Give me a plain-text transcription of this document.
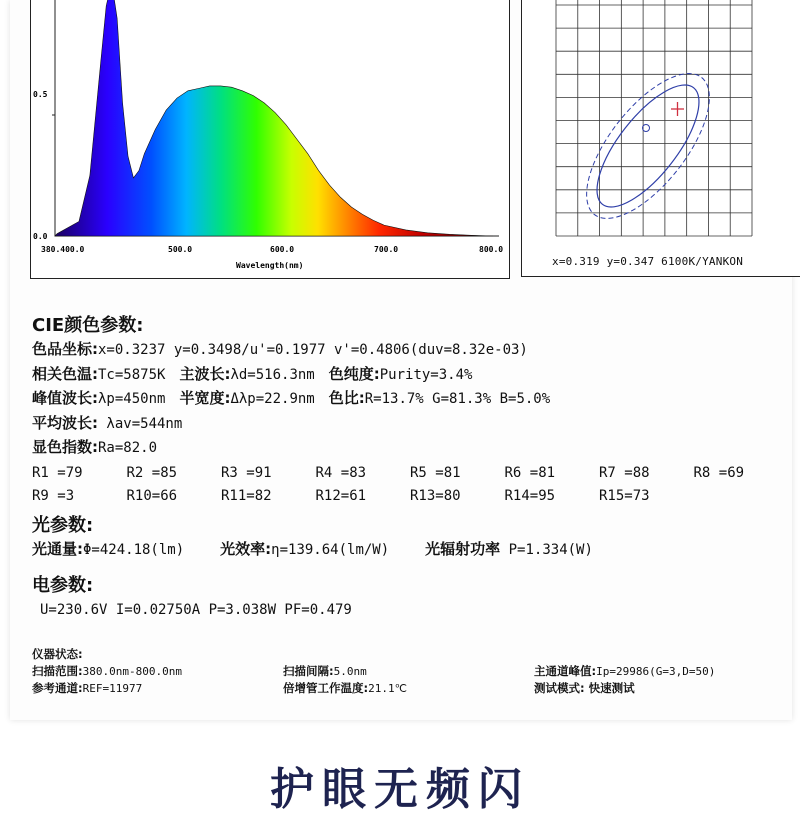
0.5
0.0
380.400.0	500.0	600.0	700.0	800.0
Wavelength(nm)	x=0.319 y=0.347 6100K/YANKON
CIE颜色参数:
色品坐标:x=0.3237 y=0.3498/u'=0.1977 v'=0.4806(duv=8.32e-03)
相关色温:Tc=5875K 主波长:λd=516.3nm 色纯度:Purity=3.4%
峰值波长:λp=450nm 半宽度:Δλp=22.9nm 色比:R=13.7% G=81.3% B=5.0%
平均波长: λav=544nm
显色指数:Ra=82.0
R1 =79	R2 =85	R3 =91	R4 =83	R5 =81	R6 =81	R7 =88	R8 =69
R9 =3	R10=66	R11=82	R12=61	R13=80	R14=95	R15=73
光参数:
光通量:Φ=424.18(lm) 光效率:η=139.64(lm/W) 光辐射功率 P=1.334(W)
电参数:
U=230.6V I=0.02750A P=3.038W PF=0.479
仪器状态:
扫描范围:380.0nm-800.0nm	扫描间隔:5.0nm	主通道峰值:Ip=29986(G=3,D=50)
参考通道:REF=11977	倍增管工作温度:21.1℃	测试模式: 快速测试
护眼无频闪
